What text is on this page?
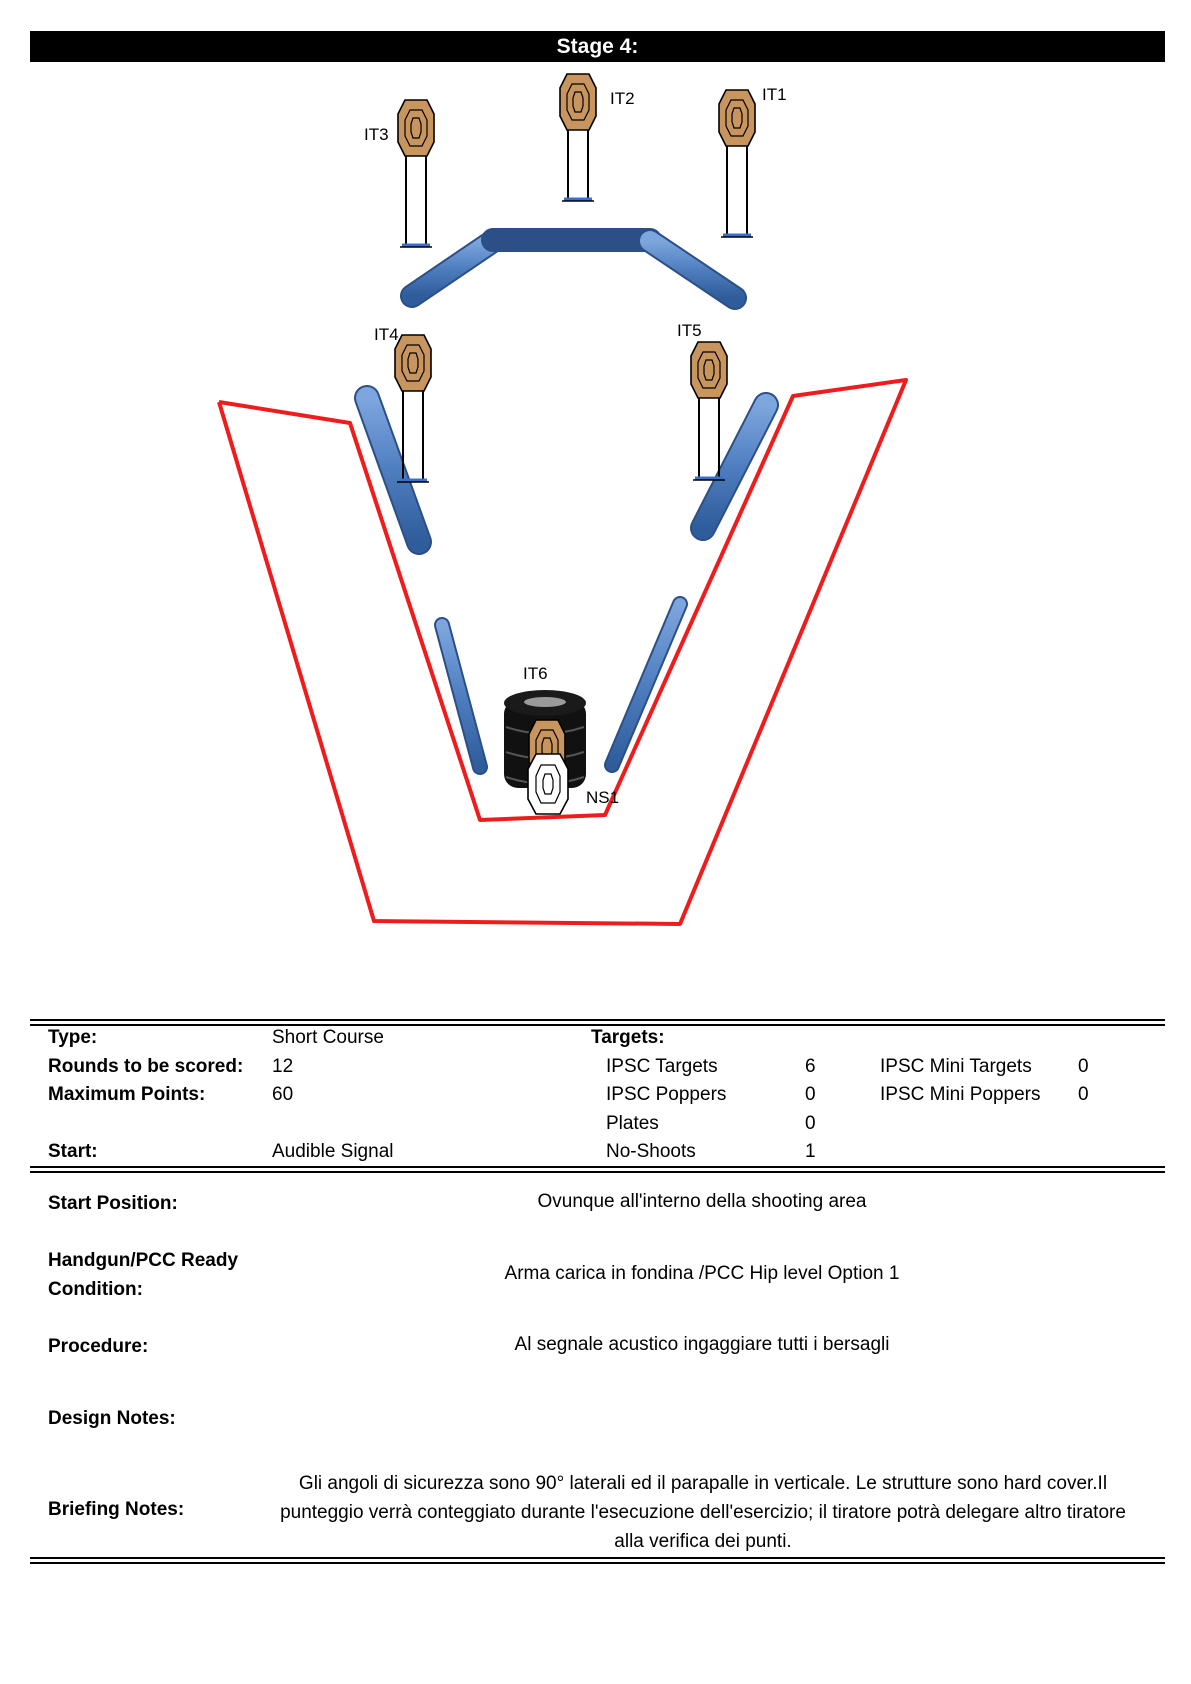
Stage 4:
IT3
IT2	IT1
IT4	IT5
IT6
NS1
Type:	Short Course	Targets:
Rounds to be scored: 12	IPSC Targets	6	IPSC Mini Targets 0
Maximum Points:	60	IPSC Poppers	0	IPSC Mini Poppers 0
Plates	0
Start:	Audible Signal	No-Shoots	1
Start Position:	Ovunque all'interno della shooting area
Handgun/PCC Ready
Condition:
Arma carica in fondina /PCC Hip level Option 1
Procedure:	Al segnale acustico ingaggiare tutti i bersagli
Design Notes:
Briefing Notes:
Gli angoli di sicurezza sono 90° laterali ed il parapalle in verticale. Le strutture sono hard cover.Il punteggio verrà conteggiato durante l'esecuzione dell'esercizio; il tiratore potrà delegare altro tiratore alla verifica dei punti.
